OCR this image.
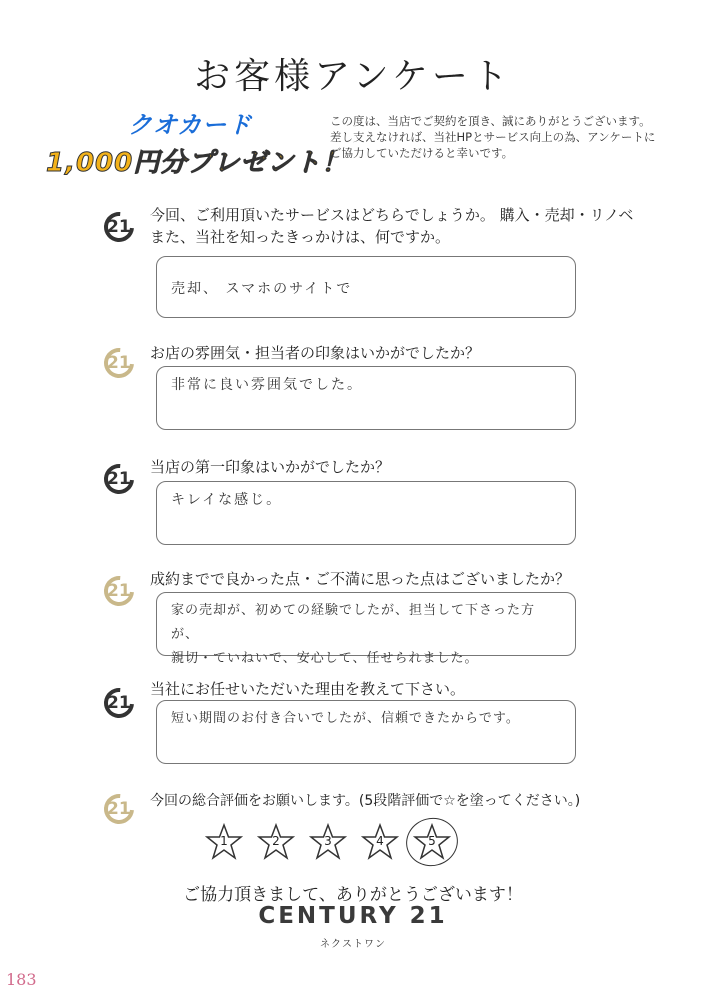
お客様アンケート
クオカード
1,000円分プレゼント！
この度は、当店でご契約を頂き、誠にありがとうございます。
差し支えなければ、当社HPとサービス向上の為、アンケートに
ご協力していただけると幸いです。
21
今回、ご利用頂いたサービスはどちらでしょうか。 購入・売却・リノベ
また、当社を知ったきっかけは、何ですか。
売却、 スマホのサイトで
21 お店の雰囲気・担当者の印象はいかがでしたか？
非常に良い雰囲気でした。
21
当店の第一印象はいかがでしたか？
キレイな感じ。
21
成約までで良かった点・ご不満に思った点はございましたか？
家の売却が、初めての経験でしたが、担当して下さった方が、
親切・ていねいで、安心して、任せられました。
21
当社にお任せいただいた理由を教えて下さい。
短い期間のお付き合いでしたが、信頼できたからです。
21 今回の総合評価をお願いします。(5段階評価で☆を塗ってください。)
1	2	3	4	5
ご協力頂きまして、ありがとうございます！
CENTURY 21
ネクストワン
183
